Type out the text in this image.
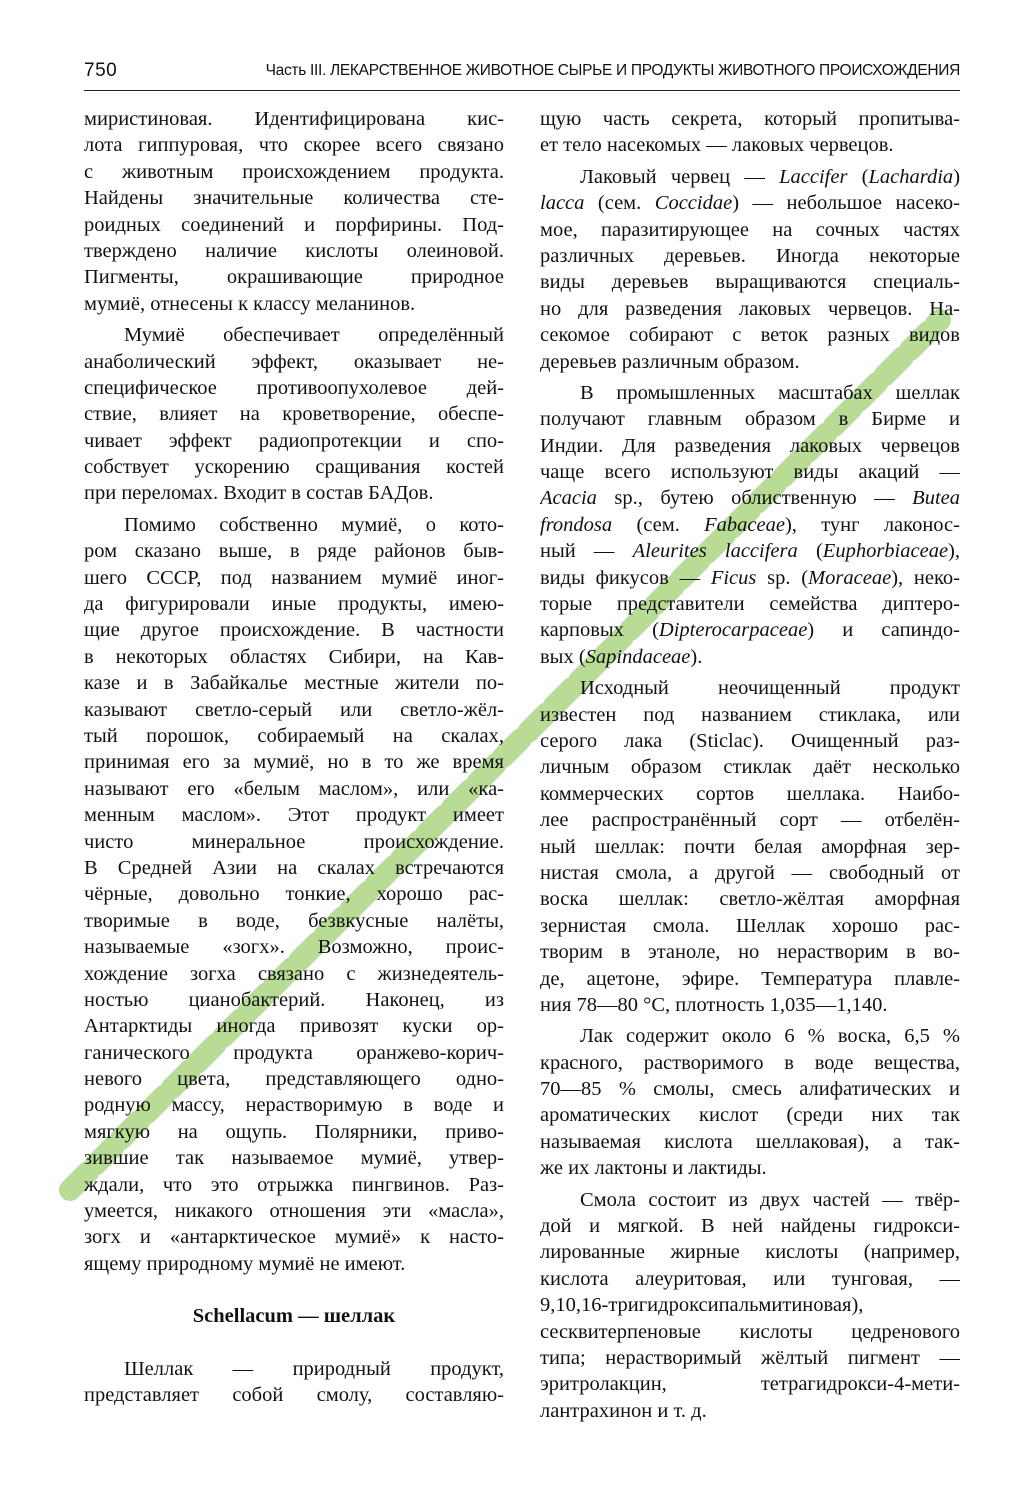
750	Часть III. ЛЕКАРСТВЕННОЕ ЖИВОТНОЕ СЫРЬЕ И ПРОДУКТЫ ЖИВОТНОГО ПРОИСХОЖДЕНИЯ
миристиновая. Идентифицирована кис-
лота гиппуровая, что скорее всего связано
с животным происхождением продукта.
Найдены значительные количества сте-
роидных соединений и порфирины. Под-
тверждено наличие кислоты олеиновой.
Пигменты, окрашивающие природное
мумиё, отнесены к классу меланинов.
Мумиё обеспечивает определённый
анаболический эффект, оказывает не-
специфическое противоопухолевое дей-
ствие, влияет на кроветворение, обеспе-
чивает эффект радиопротекции и спо-
собствует ускорению сращивания костей
при переломах. Входит в состав БАДов.
Помимо собственно мумиё, о кото-
ром сказано выше, в ряде районов быв-
шего СССР, под названием мумиё иног-
да фигурировали иные продукты, имею-
щие другое происхождение. В частности
в некоторых областях Сибири, на Кав-
казе и в Забайкалье местные жители по-
казывают светло-серый или светло-жёл-
тый порошок, собираемый на скалах,
принимая его за мумиё, но в то же время
называют его «белым маслом», или «ка-
менным маслом». Этот продукт имеет
чисто минеральное происхождение.
В Средней Азии на скалах встречаются
чёрные, довольно тонкие, хорошо рас-
творимые в воде, безвкусные налёты,
называемые «зогх». Возможно, проис-
хождение зогха связано с жизнедеятель-
ностью цианобактерий. Наконец, из
Антарктиды иногда привозят куски ор-
ганического продукта оранжево-корич-
невого цвета, представляющего одно-
родную массу, нерастворимую в воде и
мягкую на ощупь. Полярники, приво-
зившие так называемое мумиё, утвер-
ждали, что это отрыжка пингвинов. Раз-
умеется, никакого отношения эти «масла»,
зогх и «антарктическое мумиё» к насто-
ящему природному мумиё не имеют.
Schellacum — шеллак
Шеллак — природный продукт,
представляет собой смолу, составляю-
щую часть секрета, который пропитыва-
ет тело насекомых — лаковых червецов.
Лаковый червец — Laccifer (Lachardia)
lacca (сем. Coccidae) — небольшое насеко-
мое, паразитирующее на сочных частях
различных деревьев. Иногда некоторые
виды деревьев выращиваются специаль-
но для разведения лаковых червецов. На-
секомое собирают с веток разных видов
деревьев различным образом.
В промышленных масштабах шеллак
получают главным образом в Бирме и
Индии. Для разведения лаковых червецов
чаще всего используют виды акаций —
Acacia sp., бутею облиственную — Butea
frondosa (сем. Fabaceae), тунг лаконос-
ный — Aleurites laccifera (Euphorbiaceae),
виды фикусов — Ficus sp. (Moraceae), неко-
торые представители семейства диптеро-
карповых (Dipterocarpaceae) и сапиндо-
вых (Sapindaceae).
Исходный неочищенный продукт
известен под названием стиклака, или
серого лака (Sticlac). Очищенный раз-
личным образом стиклак даёт несколько
коммерческих сортов шеллака. Наибо-
лее распространённый сорт — отбелён-
ный шеллак: почти белая аморфная зер-
нистая смола, а другой — свободный от
воска шеллак: светло-жёлтая аморфная
зернистая смола. Шеллак хорошо рас-
творим в этаноле, но нерастворим в во-
де, ацетоне, эфире. Температура плавле-
ния 78—80 °C, плотность 1,035—1,140.
Лак содержит около 6 % воска, 6,5 %
красного, растворимого в воде вещества,
70—85 % смолы, смесь алифатических и
ароматических кислот (среди них так
называемая кислота шеллаковая), а так-
же их лактоны и лактиды.
Смола состоит из двух частей — твёр-
дой и мягкой. В ней найдены гидрокси-
лированные жирные кислоты (например,
кислота алеуритовая, или тунговая, —
9,10,16-тригидроксипальмитиновая),
сесквитерпеновые кислоты цедренового
типа; нерастворимый жёлтый пигмент —
эритролакцин, тетрагидрокси-4-мети-
лантрахинон и т. д.
